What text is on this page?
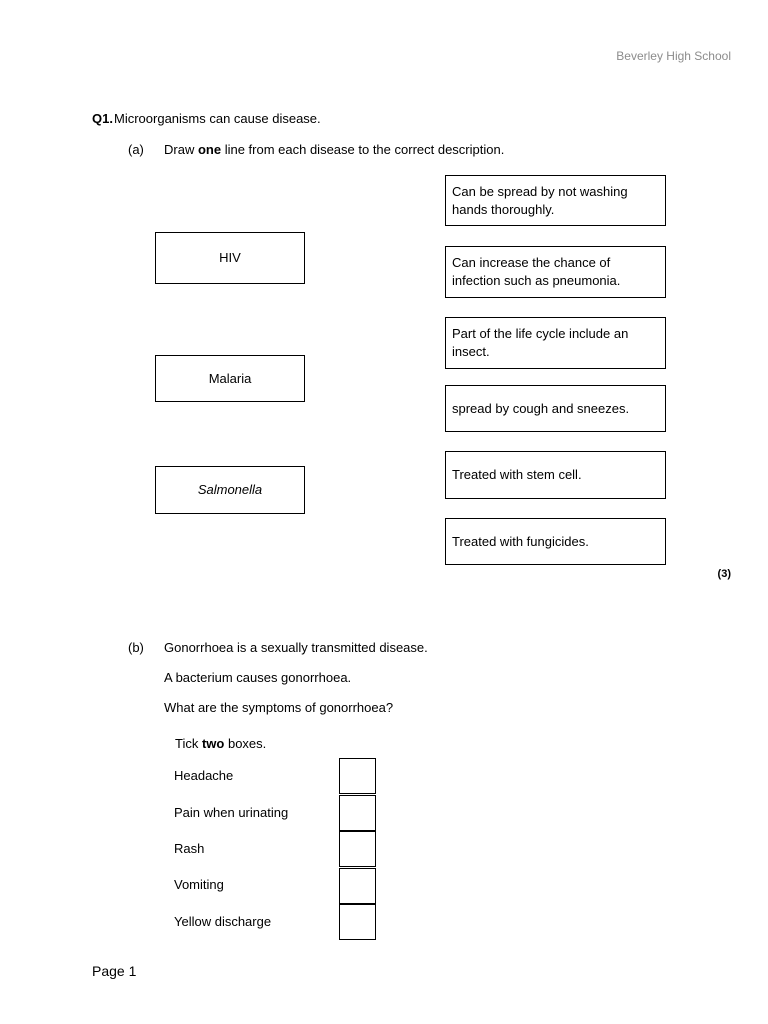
Beverley High School
Q1. Microorganisms can cause disease.
(a) Draw one line from each disease to the correct description.
HIV
Malaria
Salmonella
Can be spread by not washing hands thoroughly.
Can increase the chance of infection such as pneumonia.
Part of the life cycle include an insect.
spread by cough and sneezes.
Treated with stem cell.
Treated with fungicides.
(3)
(b) Gonorrhoea is a sexually transmitted disease.
A bacterium causes gonorrhoea.
What are the symptoms of gonorrhoea?
Tick two boxes.
Headache
Pain when urinating
Rash
Vomiting
Yellow discharge
Page 1
